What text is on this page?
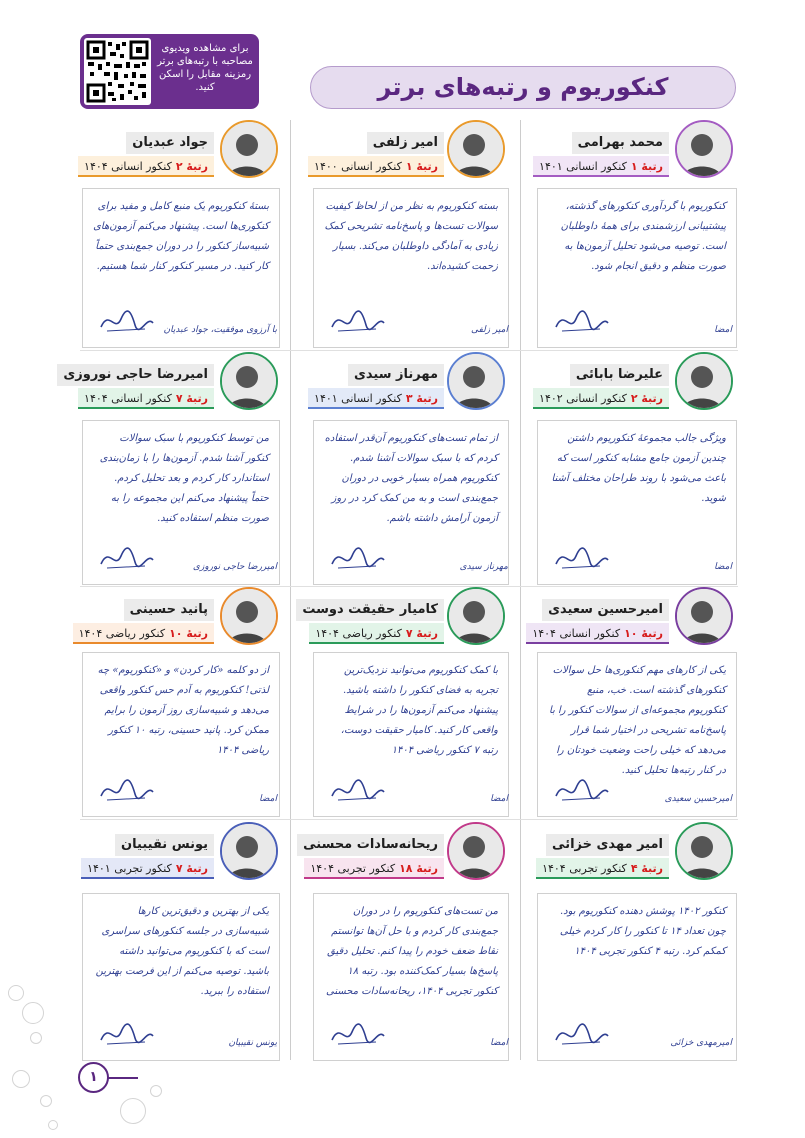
برای مشاهده ویدیوی مصاحبه با رتبه‌های برتر رمزینه مقابل را اسکن کنید.	کنکوریوم و رتبه‌های برتر
محمد بهرامی
رتبهٔ ۱کنکور انسانی ۱۴۰۱
کنکوریوم با گردآوری کنکورهای گذشته، پیشتیبانی ارزشمندی برای همهٔ داوطلبان است. توصیه می‌شود تحلیل آزمون‌ها به صورت منظم و دقیق انجام شود.
امضا
امیر زلفی
رتبهٔ ۱کنکور انسانی ۱۴۰۰
بسته کنکوریوم به نظر من از لحاظ کیفیت سوالات تست‌ها و پاسخ‌نامه تشریحی کمک زیادی به آمادگی داوطلبان می‌کند. بسیار زحمت کشیده‌اند.
امیر زلفی
جواد عبدیان
رتبهٔ ۲کنکور انسانی ۱۴۰۴
بستهٔ کنکوریوم یک منبع کامل و مفید برای کنکوری‌ها است. پیشنهاد می‌کنم آزمون‌های شبیه‌ساز کنکور را در دوران جمع‌بندی حتماً کار کنید. در مسیر کنکور کنار شما هستیم.
با آرزوی موفقیت، جواد عبدیان
علیرضا بابائی
رتبهٔ ۲کنکور انسانی ۱۴۰۲
ویژگی جالب مجموعهٔ کنکوریوم داشتن چندین آزمون جامع مشابه کنکور است که باعث می‌شود با روند طراحان مختلف آشنا شوید.
امضا
مهرناز سیدی
رتبهٔ ۳کنکور انسانی ۱۴۰۱
از تمام تست‌های کنکوریوم آن‌قدر استفاده کردم که با سبک سوالات آشنا شدم. کنکوریوم همراه بسیار خوبی در دوران جمع‌بندی است و به من کمک کرد در روز آزمون آرامش داشته باشم.
مهرناز سیدی
امیررضا حاجی نوروزی
رتبهٔ ۷کنکور انسانی ۱۴۰۴
من توسط کنکوریوم با سبک سوالات کنکور آشنا شدم. آزمون‌ها را با زمان‌بندی استاندارد کار کردم و بعد تحلیل کردم. حتماً پیشنهاد می‌کنم این مجموعه را به صورت منظم استفاده کنید.
امیررضا حاجی نوروزی
امیرحسین سعیدی
رتبهٔ ۱۰کنکور انسانی ۱۴۰۴
یکی از کارهای مهم کنکوری‌ها حل سوالات کنکورهای گذشته است. خب، منبع کنکوریوم مجموعه‌ای از سوالات کنکور را با پاسخ‌نامه تشریحی در اختیار شما قرار می‌دهد که خیلی راحت وضعیت خودتان را در کنار رتبه‌ها تحلیل کنید.
امیرحسین سعیدی
کامیار حقیقت دوست
رتبهٔ ۷کنکور ریاضی ۱۴۰۴
با کمک کنکوریوم می‌توانید نزدیک‌ترین تجربه به فضای کنکور را داشته باشید. پیشنهاد می‌کنم آزمون‌ها را در شرایط واقعی کار کنید. کامیار حقیقت دوست، رتبه ۷ کنکور ریاضی ۱۴۰۴
امضا
پانید حسینی
رتبهٔ ۱۰کنکور ریاضی ۱۴۰۴
از دو کلمه «کار کردن» و «کنکوریوم» چه لذتی! کنکوریوم به آدم حس کنکور واقعی می‌دهد و شبیه‌سازی روز آزمون را برایم ممکن کرد. پانید حسینی، رتبه ۱۰ کنکور ریاضی ۱۴۰۴
امضا
امیر مهدی خزائی
رتبهٔ ۴کنکور تجربی ۱۴۰۴
کنکور ۱۴۰۲ پوشش دهنده کنکوریوم بود. چون تعداد ۱۴ تا کنکور را کار کردم خیلی کمکم کرد. رتبه ۴ کنکور تجربی ۱۴۰۴
امیرمهدی خزائی
ریحانه‌سادات محسنی
رتبهٔ ۱۸کنکور تجربی ۱۴۰۴
من تست‌های کنکوریوم را در دوران جمع‌بندی کار کردم و با حل آن‌ها توانستم نقاط ضعف خودم را پیدا کنم. تحلیل دقیق پاسخ‌ها بسیار کمک‌کننده بود. رتبه ۱۸ کنکور تجربی ۱۴۰۴، ریحانه‌سادات محسنی
امضا
یونس نقیبیان
رتبهٔ ۷کنکور تجربی ۱۴۰۱
یکی از بهترین و دقیق‌ترین کارها شبیه‌سازی در جلسه کنکورهای سراسری است که با کنکوریوم می‌توانید داشته باشید. توصیه می‌کنم از این فرصت بهترین استفاده را ببرید.
یونس نقیبیان
۱
